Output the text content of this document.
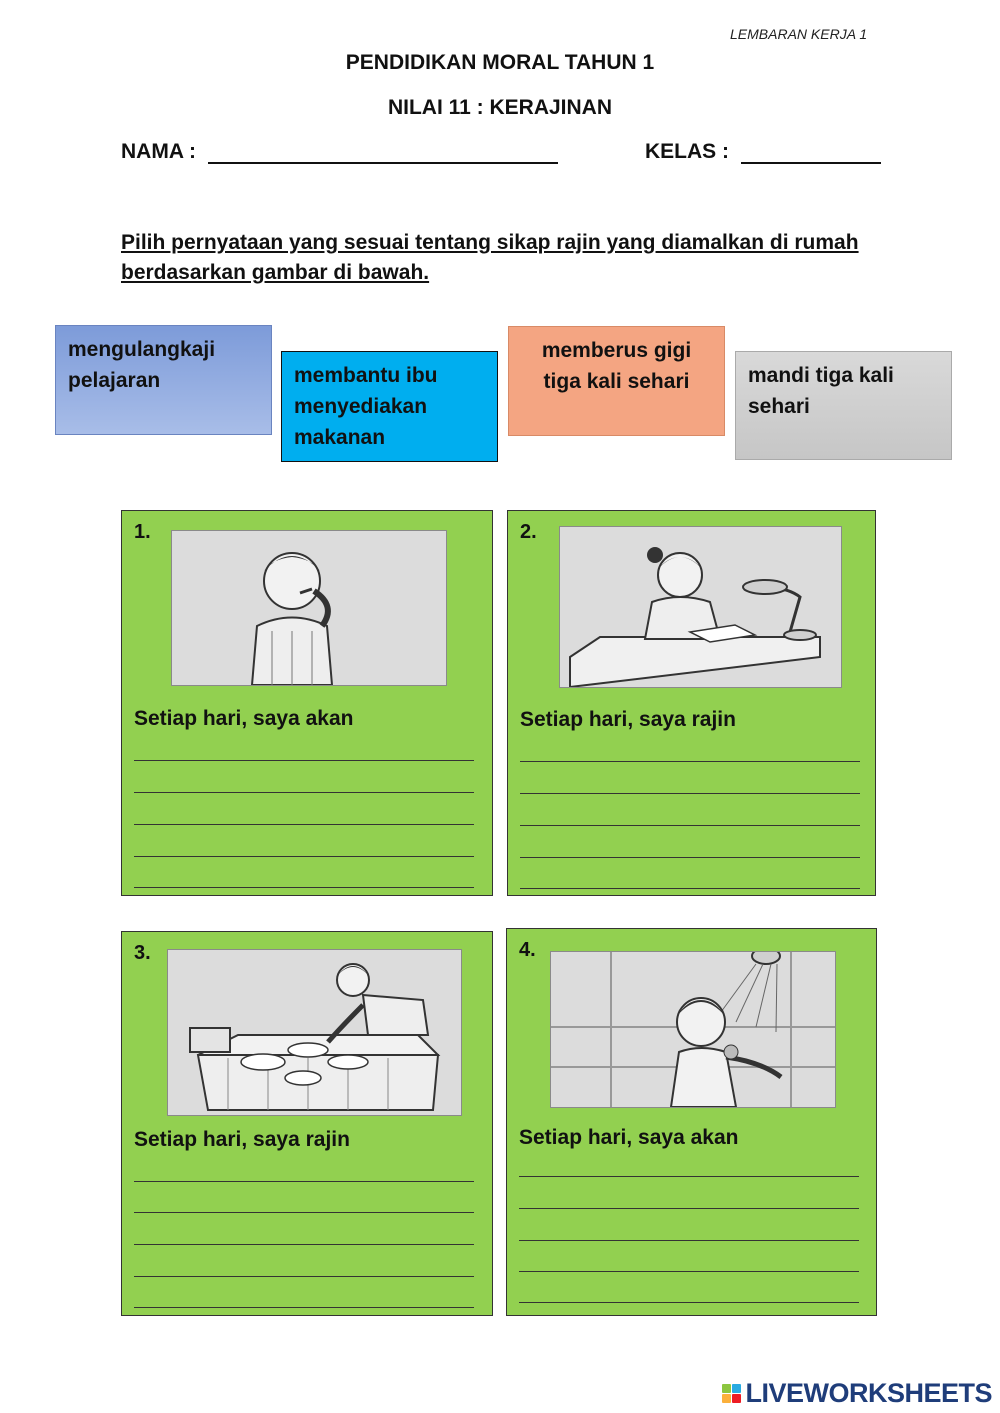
LEMBARAN KERJA 1
PENDIDIKAN MORAL TAHUN 1
NILAI 11 : KERAJINAN
NAMA :	KELAS :
Pilih pernyataan yang sesuai tentang sikap rajin yang diamalkan di rumah berdasarkan gambar di bawah.
mengulangkaji pelajaran	membantu ibu menyediakan makanan
memberus gigi tiga kali sehari	mandi tiga kali sehari
1.
Setiap hari, saya akan
2.
Setiap hari, saya rajin
3.
Setiap hari, saya rajin
4.
Setiap hari, saya akan
LIVEWORKSHEETS
